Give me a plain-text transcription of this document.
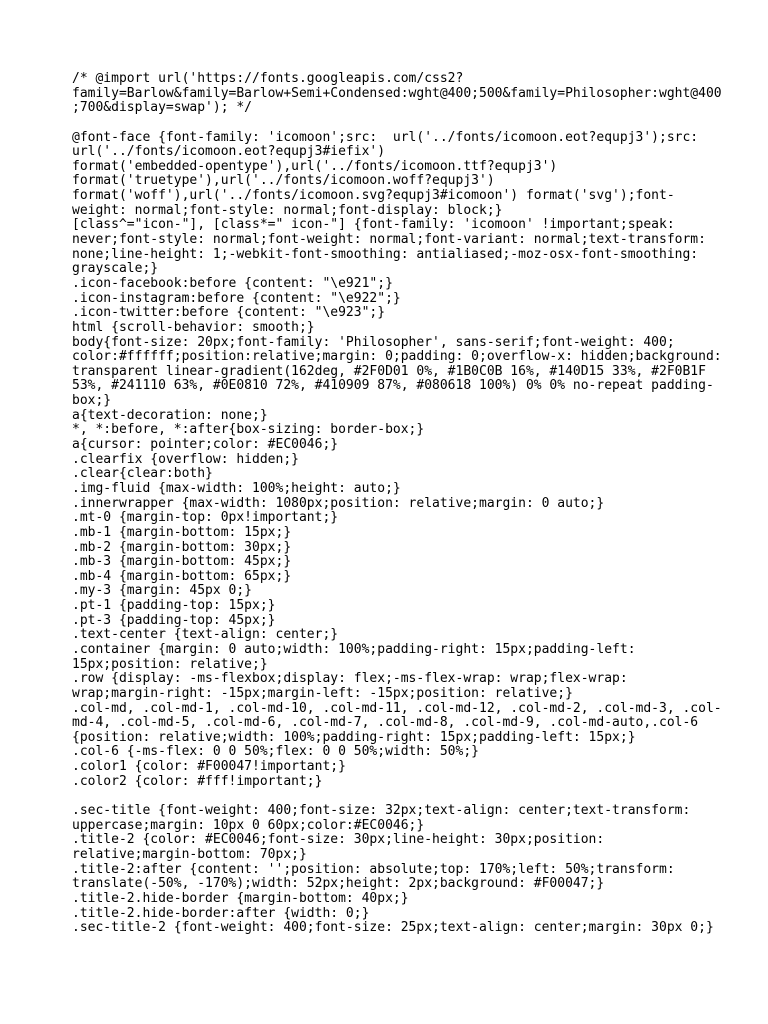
/* @import url('https://fonts.googleapis.com/css2?
family=Barlow&family=Barlow+Semi+Condensed:wght@400;500&family=Philosopher:wght@400
;700&display=swap'); */
@font-face {font-family: 'icomoon';src:  url('../fonts/icomoon.eot?equpj3');src:
url('../fonts/icomoon.eot?equpj3#iefix')
format('embedded-opentype'),url('../fonts/icomoon.ttf?equpj3')
format('truetype'),url('../fonts/icomoon.woff?equpj3')
format('woff'),url('../fonts/icomoon.svg?equpj3#icomoon') format('svg');font-
weight: normal;font-style: normal;font-display: block;}
[class^="icon-"], [class*=" icon-"] {font-family: 'icomoon' !important;speak:
never;font-style: normal;font-weight: normal;font-variant: normal;text-transform:
none;line-height: 1;-webkit-font-smoothing: antialiased;-moz-osx-font-smoothing:
grayscale;}
.icon-facebook:before {content: "\e921";}
.icon-instagram:before {content: "\e922";}
.icon-twitter:before {content: "\e923";}
html {scroll-behavior: smooth;}
body{font-size: 20px;font-family: 'Philosopher', sans-serif;font-weight: 400;
color:#ffffff;position:relative;margin: 0;padding: 0;overflow-x: hidden;background:
transparent linear-gradient(162deg, #2F0D01 0%, #1B0C0B 16%, #140D15 33%, #2F0B1F
53%, #241110 63%, #0E0810 72%, #410909 87%, #080618 100%) 0% 0% no-repeat padding-
box;}
a{text-decoration: none;}
*, *:before, *:after{box-sizing: border-box;}
a{cursor: pointer;color: #EC0046;}
.clearfix {overflow: hidden;}
.clear{clear:both}
.img-fluid {max-width: 100%;height: auto;}
.innerwrapper {max-width: 1080px;position: relative;margin: 0 auto;}
.mt-0 {margin-top: 0px!important;}
.mb-1 {margin-bottom: 15px;}
.mb-2 {margin-bottom: 30px;}
.mb-3 {margin-bottom: 45px;}
.mb-4 {margin-bottom: 65px;}
.my-3 {margin: 45px 0;}
.pt-1 {padding-top: 15px;}
.pt-3 {padding-top: 45px;}
.text-center {text-align: center;}
.container {margin: 0 auto;width: 100%;padding-right: 15px;padding-left:
15px;position: relative;}
.row {display: -ms-flexbox;display: flex;-ms-flex-wrap: wrap;flex-wrap:
wrap;margin-right: -15px;margin-left: -15px;position: relative;}
.col-md, .col-md-1, .col-md-10, .col-md-11, .col-md-12, .col-md-2, .col-md-3, .col-
md-4, .col-md-5, .col-md-6, .col-md-7, .col-md-8, .col-md-9, .col-md-auto,.col-6
{position: relative;width: 100%;padding-right: 15px;padding-left: 15px;}
.col-6 {-ms-flex: 0 0 50%;flex: 0 0 50%;width: 50%;}
.color1 {color: #F00047!important;}
.color2 {color: #fff!important;}
.sec-title {font-weight: 400;font-size: 32px;text-align: center;text-transform:
uppercase;margin: 10px 0 60px;color:#EC0046;}
.title-2 {color: #EC0046;font-size: 30px;line-height: 30px;position:
relative;margin-bottom: 70px;}
.title-2:after {content: '';position: absolute;top: 170%;left: 50%;transform:
translate(-50%, -170%);width: 52px;height: 2px;background: #F00047;}
.title-2.hide-border {margin-bottom: 40px;}
.title-2.hide-border:after {width: 0;}
.sec-title-2 {font-weight: 400;font-size: 25px;text-align: center;margin: 30px 0;}
